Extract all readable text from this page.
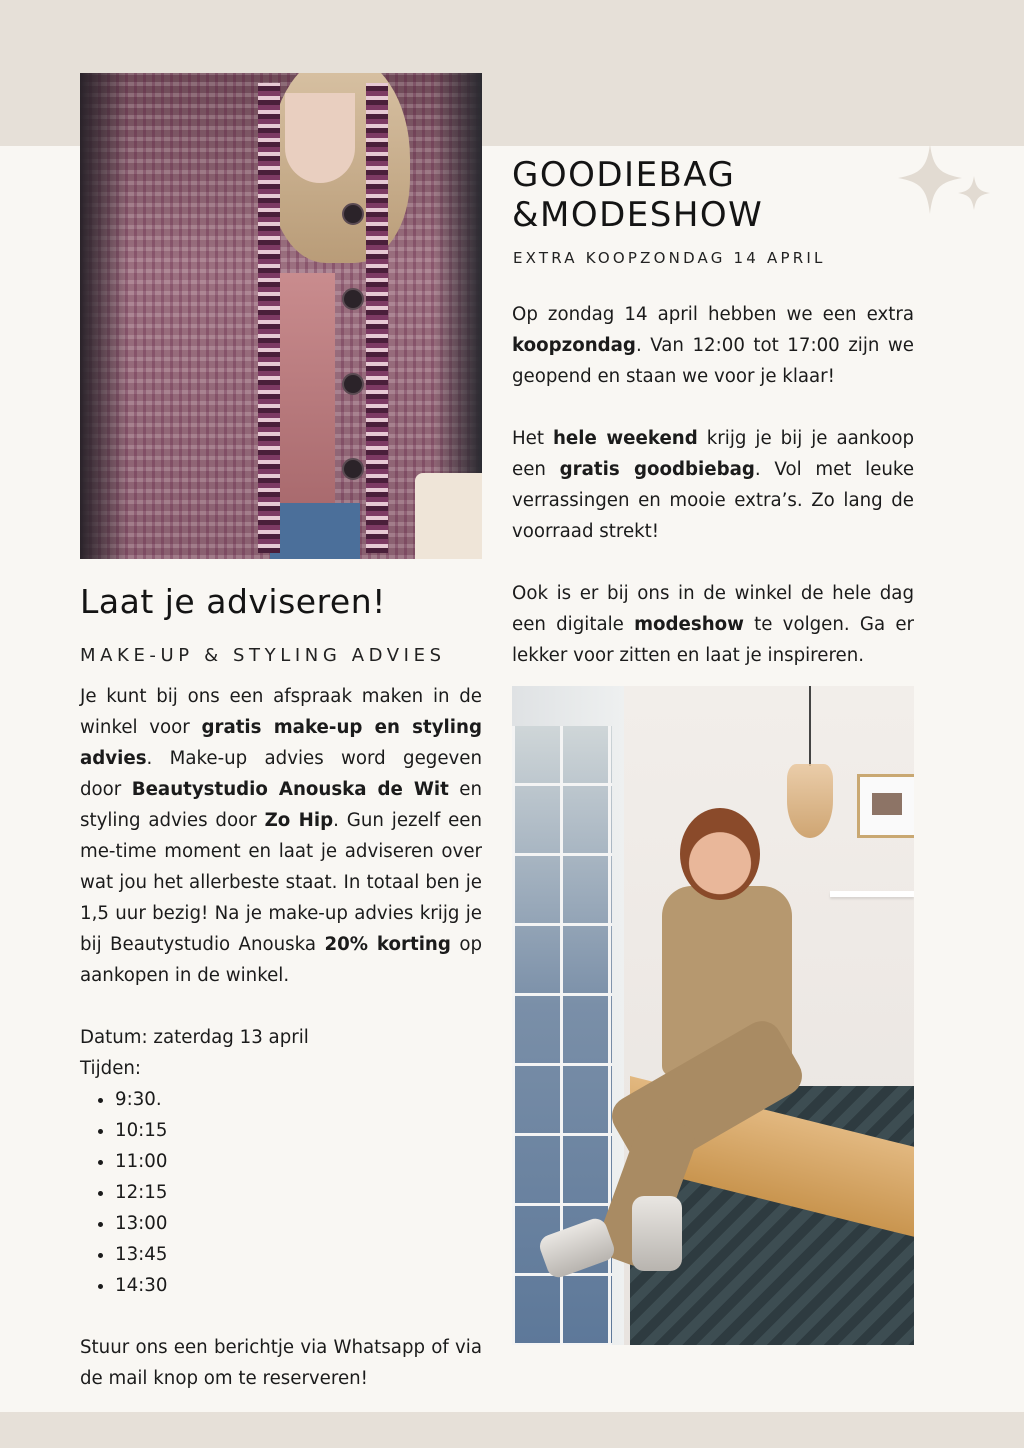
GOODIEBAG
&MODESHOW
EXTRA KOOPZONDAG 14 APRIL

Op zondag 14 april hebben we een extra koopzondag. Van 12:00 tot 17:00 zijn we geopend en staan we voor je klaar!

Het hele weekend krijg je bij je aankoop een gratis goodbiebag. Vol met leuke verrassingen en mooie extra’s. Zo lang de voorraad strekt!

Ook is er bij ons in de winkel de hele dag een digitale modeshow te volgen. Ga er lekker voor zitten en laat je inspireren.

Laat je adviseren!
MAKE-UP & STYLING ADVIES

Je kunt bij ons een afspraak maken in de winkel voor gratis make-up en styling advies. Make-up advies word gegeven door Beautystudio Anouska de Wit en styling advies door Zo Hip. Gun jezelf een me-time moment en laat je adviseren over wat jou het allerbeste staat. In totaal ben je 1,5 uur bezig! Na je make-up advies krijg je bij Beautystudio Anouska 20% korting op aankopen in de winkel.

Datum: zaterdag 13 april
Tijden:
• 9:30.
• 10:15
• 11:00
• 12:15
• 13:00
• 13:45
• 14:30

Stuur ons een berichtje via Whatsapp of via de mail knop om te reserveren!
